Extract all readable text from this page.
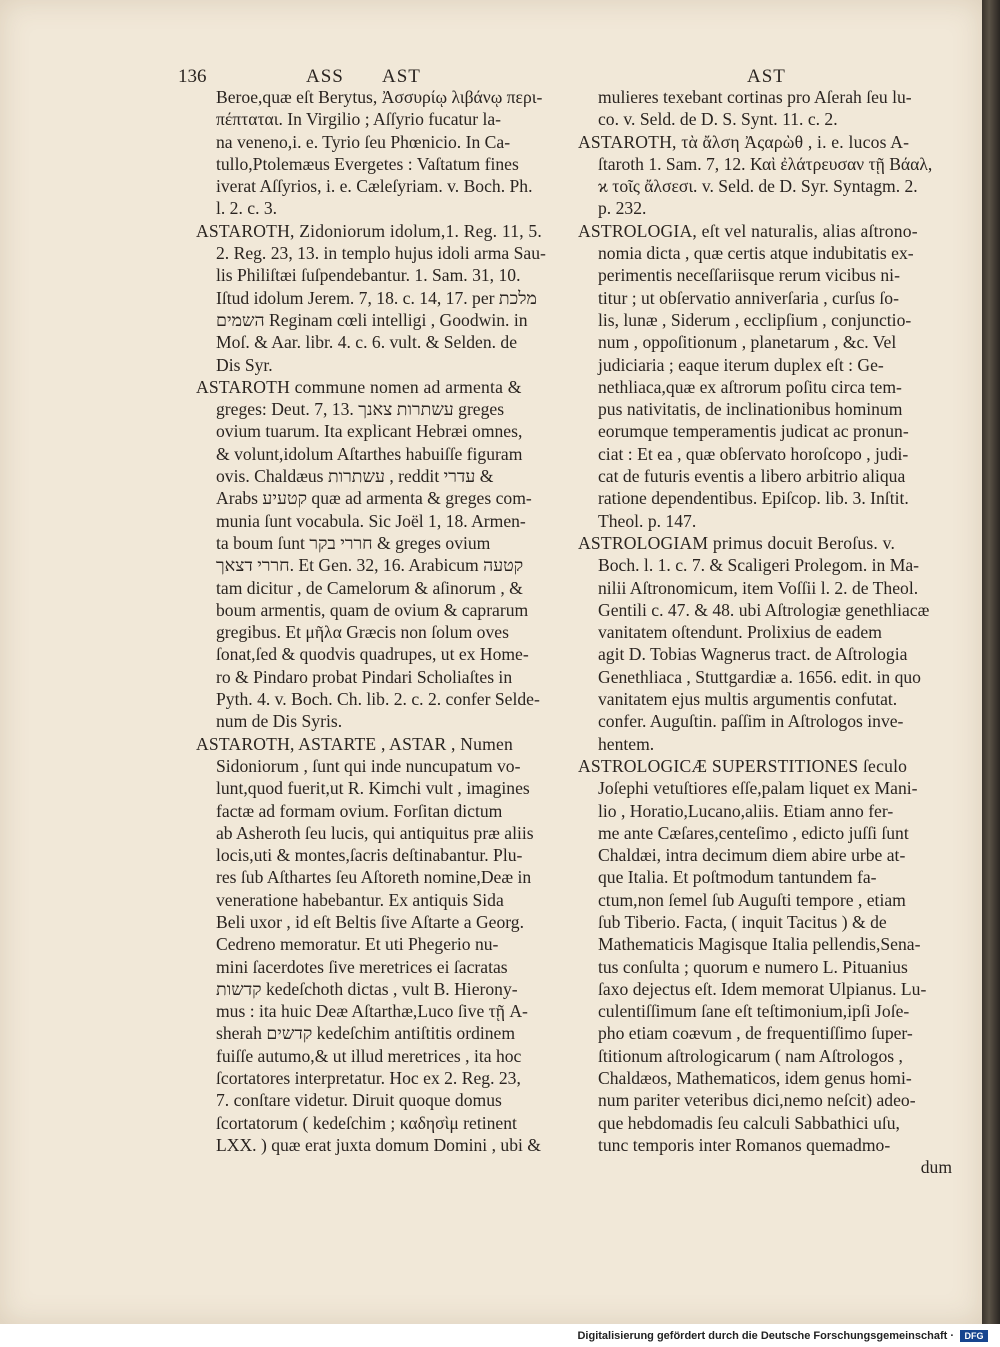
136	ASS AST	AST
Beroe,quæ eſt Berytus, Ἀσσυρίῳ λιβάνῳ περι-
πέπταται. In Virgilio ; Aſſyrio fucatur la-
na veneno,i. e. Tyrio ſeu Phœnicio. In Ca-
tullo,Ptolemæus Evergetes : Vaſtatum fines
iverat Aſſyrios, i. e. Cæleſyriam. v. Boch. Ph.
l. 2. c. 3.
ASTAROTH, Zidoniorum idolum,1. Reg. 11, 5.
2. Reg. 23, 13. in templo hujus idoli arma Sau-
lis Philiſtæi ſuſpendebantur. 1. Sam. 31, 10.
Iſtud idolum Jerem. 7, 18. c. 14, 17. per מלכת
השמים Reginam cœli intelligi , Goodwin. in
Moſ. & Aar. libr. 4. c. 6. vult. & Selden. de
Dis Syr.
ASTAROTH commune nomen ad armenta &
greges: Deut. 7, 13. עשתרות צאנך greges
ovium tuarum. Ita explicant Hebræi omnes,
& volunt,idolum Aſtarthes habuiſſe figuram
ovis. Chaldæus עשתרות , reddit עדרי &
Arabs קטעיע quæ ad armenta & greges com-
munia ſunt vocabula. Sic Joël 1, 18. Armen-
ta boum ſunt חררי בקר & greges ovium
חררי דצאך. Et Gen. 32, 16. Arabicum קטעה
tam dicitur , de Camelorum & aſinorum , &
boum armentis, quam de ovium & caprarum
gregibus. Et μῆλα Græcis non ſolum oves
ſonat,ſed & quodvis quadrupes, ut ex Home-
ro & Pindaro probat Pindari Scholiaſtes in
Pyth. 4. v. Boch. Ch. lib. 2. c. 2. confer Selde-
num de Dis Syris.
ASTAROTH, ASTARTE , ASTAR , Numen
Sidoniorum , ſunt qui inde nuncupatum vo-
lunt,quod fuerit,ut R. Kimchi vult , imagines
factæ ad formam ovium. Forſitan dictum
ab Asheroth ſeu lucis, qui antiquitus præ aliis
locis,uti & montes,ſacris deſtinabantur. Plu-
res ſub Aſthartes ſeu Aſtoreth nomine,Deæ in
veneratione habebantur. Ex antiquis Sida
Beli uxor , id eſt Beltis ſive Aſtarte a Georg.
Cedreno memoratur. Et uti Phegerio nu-
mini ſacerdotes ſive meretrices ei ſacratas
קדשות kedeſchoth dictas , vult B. Hierony-
mus : ita huic Deæ Aſtarthæ,Luco ſive τῇ A-
sherah קדשים kedeſchim antiſtitis ordinem
fuiſſe autumo,& ut illud meretrices , ita hoc
ſcortatores interpretatur. Hoc ex 2. Reg. 23,
7. conſtare videtur. Diruit quoque domus
ſcortatorum ( kedeſchim ; καδησὶμ retinent
LXX. ) quæ erat juxta domum Domini , ubi &
mulieres texebant cortinas pro Aſerah ſeu lu-
co. v. Seld. de D. S. Synt. 11. c. 2.
ASTAROTH, τὰ ἄλση Ἀςαρὼθ , i. e. lucos A-
ſtaroth 1. Sam. 7, 12. Καὶ ἐλάτρευσαν τῇ Βάαλ,
ϰ τοῖς ἄλσεσι. v. Seld. de D. Syr. Syntagm. 2.
p. 232.
ASTROLOGIA, eſt vel naturalis, alias aſtrono-
nomia dicta , quæ certis atque indubitatis ex-
perimentis neceſſariisque rerum vicibus ni-
titur ; ut obſervatio anniverſaria , curſus ſo-
lis, lunæ , Siderum , ecclipſium , conjunctio-
num , oppoſitionum , planetarum , &c. Vel
judiciaria ; eaque iterum duplex eſt : Ge-
nethliaca,quæ ex aſtrorum poſitu circa tem-
pus nativitatis, de inclinationibus hominum
eorumque temperamentis judicat ac pronun-
ciat : Et ea , quæ obſervato horoſcopo , judi-
cat de futuris eventis a libero arbitrio aliqua
ratione dependentibus. Epiſcop. lib. 3. Inſtit.
Theol. p. 147.
ASTROLOGIAM primus docuit Beroſus. v.
Boch. l. 1. c. 7. & Scaligeri Prolegom. in Ma-
nilii Aſtronomicum, item Voſſii l. 2. de Theol.
Gentili c. 47. & 48. ubi Aſtrologiæ genethliacæ
vanitatem oſtendunt. Prolixius de eadem
agit D. Tobias Wagnerus tract. de Aſtrologia
Genethliaca , Stuttgardiæ a. 1656. edit. in quo
vanitatem ejus multis argumentis confutat.
confer. Auguſtin. paſſim in Aſtrologos inve-
hentem.
ASTROLOGICÆ SUPERSTITIONES ſeculo
Joſephi vetuſtiores eſſe,palam liquet ex Mani-
lio , Horatio,Lucano,aliis. Etiam anno fer-
me ante Cæſares,centeſimo , edicto juſſi ſunt
Chaldæi, intra decimum diem abire urbe at-
que Italia. Et poſtmodum tantundem fa-
ctum,non ſemel ſub Auguſti tempore , etiam
ſub Tiberio. Facta, ( inquit Tacitus ) & de
Mathematicis Magisque Italia pellendis,Sena-
tus conſulta ; quorum e numero L. Pituanius
ſaxo dejectus eſt. Idem memorat Ulpianus. Lu-
culentiſſimum ſane eſt teſtimonium,ipſi Joſe-
pho etiam coævum , de frequentiſſimo ſuper-
ſtitionum aſtrologicarum ( nam Aſtrologos ,
Chaldæos, Mathematicos, idem genus homi-
num pariter veteribus dici,nemo neſcit) adeo-
que hebdomadis ſeu calculi Sabbathici uſu,
tunc temporis inter Romanos quemadmo-
dum
Digitalisierung gefördert durch die Deutsche Forschungsgemeinschaft ·	DFG
